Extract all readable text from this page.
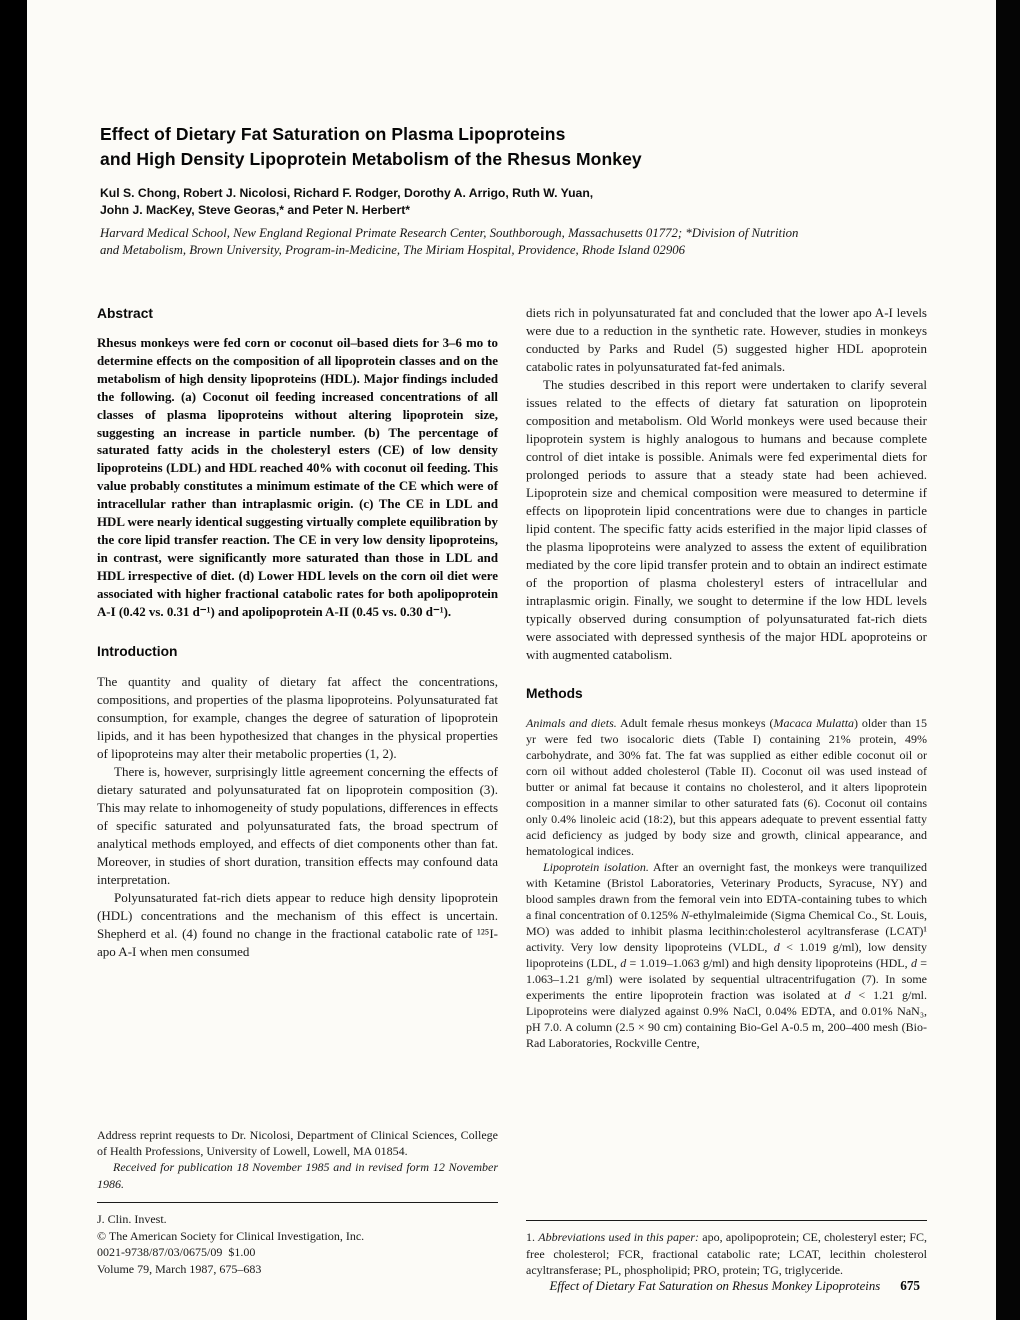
Effect of Dietary Fat Saturation on Plasma Lipoproteins
and High Density Lipoprotein Metabolism of the Rhesus Monkey
Kul S. Chong, Robert J. Nicolosi, Richard F. Rodger, Dorothy A. Arrigo, Ruth W. Yuan,
John J. MacKey, Steve Georas,* and Peter N. Herbert*
Harvard Medical School, New England Regional Primate Research Center, Southborough, Massachusetts 01772; *Division of Nutrition
and Metabolism, Brown University, Program-in-Medicine, The Miriam Hospital, Providence, Rhode Island 02906
Abstract

Rhesus monkeys were fed corn or coconut oil–based diets for 3–6 mo to determine effects on the composition of all lipoprotein classes and on the metabolism of high density lipoproteins (HDL). Major findings included the following. (a) Coconut oil feeding increased concentrations of all classes of plasma lipoproteins without altering lipoprotein size, suggesting an increase in particle number. (b) The percentage of saturated fatty acids in the cholesteryl esters (CE) of low density lipoproteins (LDL) and HDL reached 40% with coconut oil feeding. This value probably constitutes a minimum estimate of the CE which were of intracellular rather than intraplasmic origin. (c) The CE in LDL and HDL were nearly identical suggesting virtually complete equilibration by the core lipid transfer reaction. The CE in very low density lipoproteins, in contrast, were significantly more saturated than those in LDL and HDL irrespective of diet. (d) Lower HDL levels on the corn oil diet were associated with higher fractional catabolic rates for both apolipoprotein A-I (0.42 vs. 0.31 d⁻¹) and apolipoprotein A-II (0.45 vs. 0.30 d⁻¹).

Introduction

The quantity and quality of dietary fat affect the concentrations, compositions, and properties of the plasma lipoproteins. Polyunsaturated fat consumption, for example, changes the degree of saturation of lipoprotein lipids, and it has been hypothesized that changes in the physical properties of lipoproteins may alter their metabolic properties (1, 2).

There is, however, surprisingly little agreement concerning the effects of dietary saturated and polyunsaturated fat on lipoprotein composition (3). This may relate to inhomogeneity of study populations, differences in effects of specific saturated and polyunsaturated fats, the broad spectrum of analytical methods employed, and effects of diet components other than fat. Moreover, in studies of short duration, transition effects may confound data interpretation.

Polyunsaturated fat-rich diets appear to reduce high density lipoprotein (HDL) concentrations and the mechanism of this effect is uncertain. Shepherd et al. (4) found no change in the fractional catabolic rate of ¹²⁵I-apo A-I when men consumed

Address reprint requests to Dr. Nicolosi, Department of Clinical Sciences, College of Health Professions, University of Lowell, Lowell, MA 01854.

Received for publication 18 November 1985 and in revised form 12 November 1986.

J. Clin. Invest.
© The American Society for Clinical Investigation, Inc.
0021-9738/87/03/0675/09  $1.00
Volume 79, March 1987, 675–683

diets rich in polyunsaturated fat and concluded that the lower apo A-I levels were due to a reduction in the synthetic rate. However, studies in monkeys conducted by Parks and Rudel (5) suggested higher HDL apoprotein catabolic rates in polyunsaturated fat-fed animals.

The studies described in this report were undertaken to clarify several issues related to the effects of dietary fat saturation on lipoprotein composition and metabolism. Old World monkeys were used because their lipoprotein system is highly analogous to humans and because complete control of diet intake is possible. Animals were fed experimental diets for prolonged periods to assure that a steady state had been achieved. Lipoprotein size and chemical composition were measured to determine if effects on lipoprotein lipid concentrations were due to changes in particle lipid content. The specific fatty acids esterified in the major lipid classes of the plasma lipoproteins were analyzed to assess the extent of equilibration mediated by the core lipid transfer protein and to obtain an indirect estimate of the proportion of plasma cholesteryl esters of intracellular and intraplasmic origin. Finally, we sought to determine if the low HDL levels typically observed during consumption of polyunsaturated fat-rich diets were associated with depressed synthesis of the major HDL apoproteins or with augmented catabolism.

Methods

Animals and diets. Adult female rhesus monkeys (Macaca Mulatta) older than 15 yr were fed two isocaloric diets (Table I) containing 21% protein, 49% carbohydrate, and 30% fat. The fat was supplied as either edible coconut oil or corn oil without added cholesterol (Table II). Coconut oil was used instead of butter or animal fat because it contains no cholesterol, and it alters lipoprotein composition in a manner similar to other saturated fats (6). Coconut oil contains only 0.4% linoleic acid (18:2), but this appears adequate to prevent essential fatty acid deficiency as judged by body size and growth, clinical appearance, and hematological indices.

Lipoprotein isolation. After an overnight fast, the monkeys were tranquilized with Ketamine (Bristol Laboratories, Veterinary Products, Syracuse, NY) and blood samples drawn from the femoral vein into EDTA-containing tubes to which a final concentration of 0.125% N-ethylmaleimide (Sigma Chemical Co., St. Louis, MO) was added to inhibit plasma lecithin:cholesterol acyltransferase (LCAT)¹ activity. Very low density lipoproteins (VLDL, d < 1.019 g/ml), low density lipoproteins (LDL, d = 1.019–1.063 g/ml) and high density lipoproteins (HDL, d = 1.063–1.21 g/ml) were isolated by sequential ultracentrifugation (7). In some experiments the entire lipoprotein fraction was isolated at d < 1.21 g/ml. Lipoproteins were dialyzed against 0.9% NaCl, 0.04% EDTA, and 0.01% NaN₃, pH 7.0. A column (2.5 × 90 cm) containing Bio-Gel A-0.5 m, 200–400 mesh (Bio-Rad Laboratories, Rockville Centre,

1. Abbreviations used in this paper: apo, apolipoprotein; CE, cholesteryl ester; FC, free cholesterol; FCR, fractional catabolic rate; LCAT, lecithin cholesterol acyltransferase; PL, phospholipid; PRO, protein; TG, triglyceride.

Effect of Dietary Fat Saturation on Rhesus Monkey Lipoproteins 675
